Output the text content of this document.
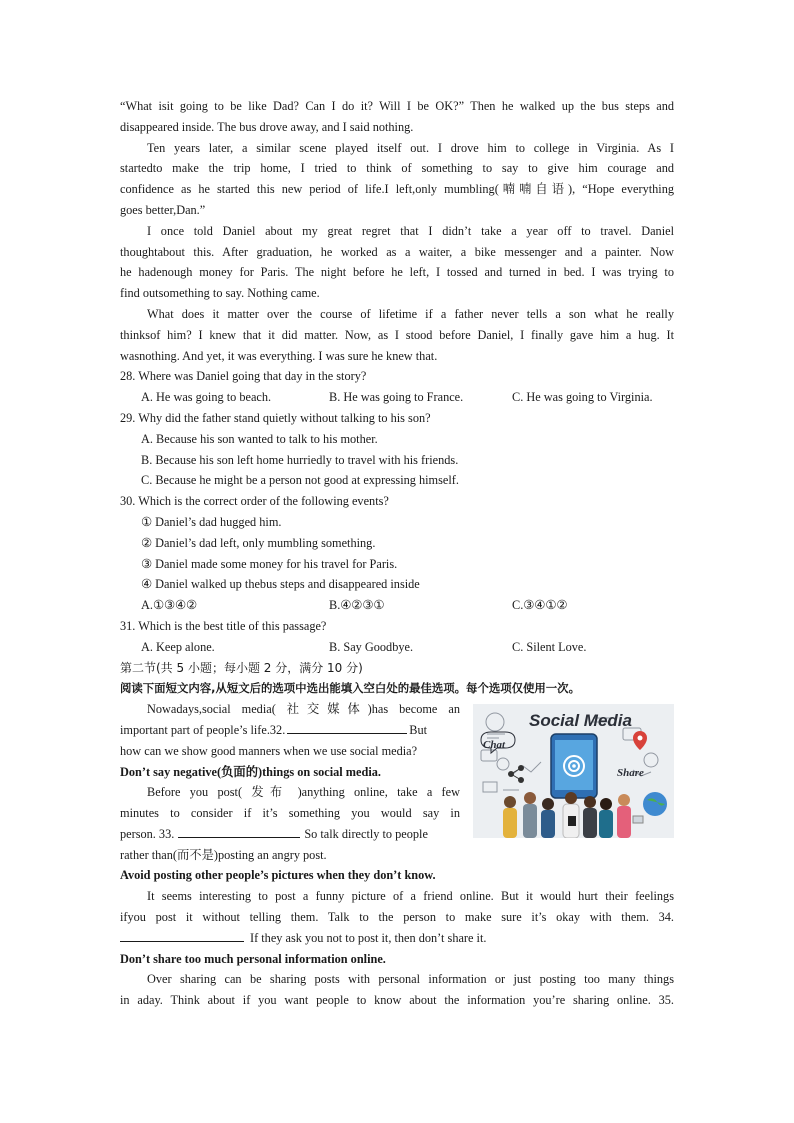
“What isit going to be like Dad? Can I do it? Will I be OK?” Then he walked up the bus steps and
disappeared inside. The bus drove away, and I said nothing.
Ten years later, a similar scene played itself out. I drove him to college in Virginia. As I
startedto make the trip home, I tried to think of something to say to give him courage and
confidence as he started this new period of life.I left,only mumbling(喃喃自语), “Hope everything
goes better,Dan.”
I once told Daniel about my great regret that I didn’t take a year off to travel. Daniel
thoughtabout this. After graduation, he worked as a waiter, a bike messenger and a painter. Now
he hadenough money for Paris. The night before he left, I tossed and turned in bed. I was trying to
find outsomething to say. Nothing came.
What does it matter over the course of lifetime if a father never tells a son what he really
thinksof him? I knew that it did matter. Now, as I stood before Daniel, I finally gave him a hug. It
wasnothing. And yet, it was everything. I was sure he knew that.
28. Where was Daniel going that day in the story?
A. He was going to beach.	B. He was going to France.	C. He was going to Virginia.
29. Why did the father stand quietly without talking to his son?
A. Because his son wanted to talk to his mother.
B. Because his son left home hurriedly to travel with his friends.
C. Because he might be a person not good at expressing himself.
30. Which is the correct order of the following events?
① Daniel’s dad hugged him.
② Daniel’s dad left, only mumbling something.
③ Daniel made some money for his travel for Paris.
④ Daniel walked up thebus steps and disappeared inside
A.①③④②	B.④②③①	C.③④①②
31. Which is the best title of this passage?
A. Keep alone.	B. Say Goodbye.	C. Silent Love.
第二节(共 5 小题；每小题 2 分，满分 10 分)
阅读下面短文内容,从短文后的选项中选出能填入空白处的最佳选项。每个选项仅使用一次。
Nowadays,social media( 社交媒体)has become an
important part of people’s life.32.	But
how can we show good manners when we use social media?
Don’t say negative(负面的)things on social media.
Before you post( 发布 )anything online, take a few
minutes to consider if it’s something you would say in
person. 33.	So talk directly to people
rather than(而不是)posting an angry post.
Avoid posting other people’s pictures when they don’t know.
It seems interesting to post a funny picture of a friend online. But it would hurt their feelings
ifyou post it without telling them. Talk to the person to make sure it’s okay with them. 34.
If they ask you not to post it, then don’t share it.
Don’t share too much personal information online.
Over sharing can be sharing posts with personal information or just posting too many things
in aday. Think about if you want people to know about the information you’re sharing online. 35.
Social Media
Chat
Share
